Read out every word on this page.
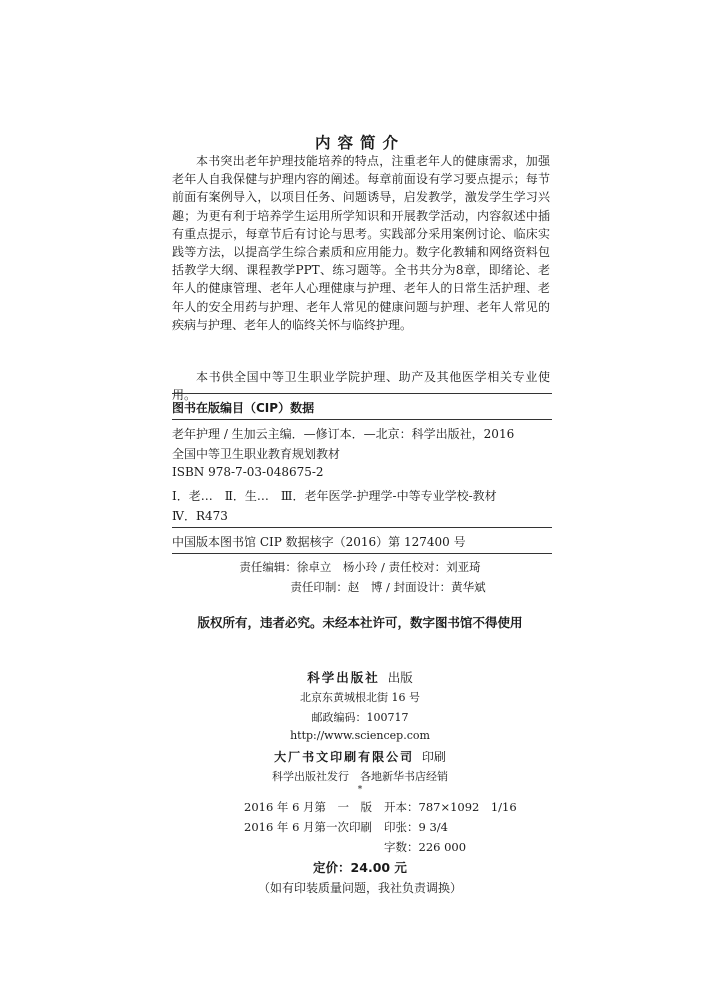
内容简介

本书突出老年护理技能培养的特点，注重老年人的健康需求，加强老年人自我保健与护理内容的阐述。每章前面设有学习要点提示；每节前面有案例导入，以项目任务、问题诱导，启发教学，激发学生学习兴趣；为更有利于培养学生运用所学知识和开展教学活动，内容叙述中插有重点提示，每章节后有讨论与思考。实践部分采用案例讨论、临床实践等方法，以提高学生综合素质和应用能力。数字化教辅和网络资料包括教学大纲、课程教学PPT、练习题等。全书共分为8章，即绪论、老年人的健康管理、老年人心理健康与护理、老年人的日常生活护理、老年人的安全用药与护理、老年人常见的健康问题与护理、老年人常见的疾病与护理、老年人的临终关怀与临终护理。

本书供全国中等卫生职业学院护理、助产及其他医学相关专业使用。

图书在版编目（CIP）数据
老年护理 / 生加云主编．—修订本．—北京：科学出版社，2016
全国中等卫生职业教育规划教材
ISBN 978-7-03-048675-2
Ⅰ．老…　Ⅱ．生…　Ⅲ．老年医学-护理学-中等专业学校-教材
Ⅳ．R473
中国版本图书馆 CIP 数据核字（2016）第 127400 号
责任编辑：徐卓立　杨小玲 / 责任校对：刘亚琦
责任印制：赵　博 / 封面设计：黄华斌
版权所有，违者必究。未经本社许可，数字图书馆不得使用
科学出版社 出版
北京东黄城根北街 16 号
邮政编码：100717
http://www.sciencep.com
大厂书文印刷有限公司 印刷
科学出版社发行　各地新华书店经销
*
2016 年 6 月第　一　版 开本：787×1092　1/16
2016 年 6 月第一次印刷 印张：9 3/4
字数：226 000
定价：24.00 元
（如有印装质量问题，我社负责调换）
